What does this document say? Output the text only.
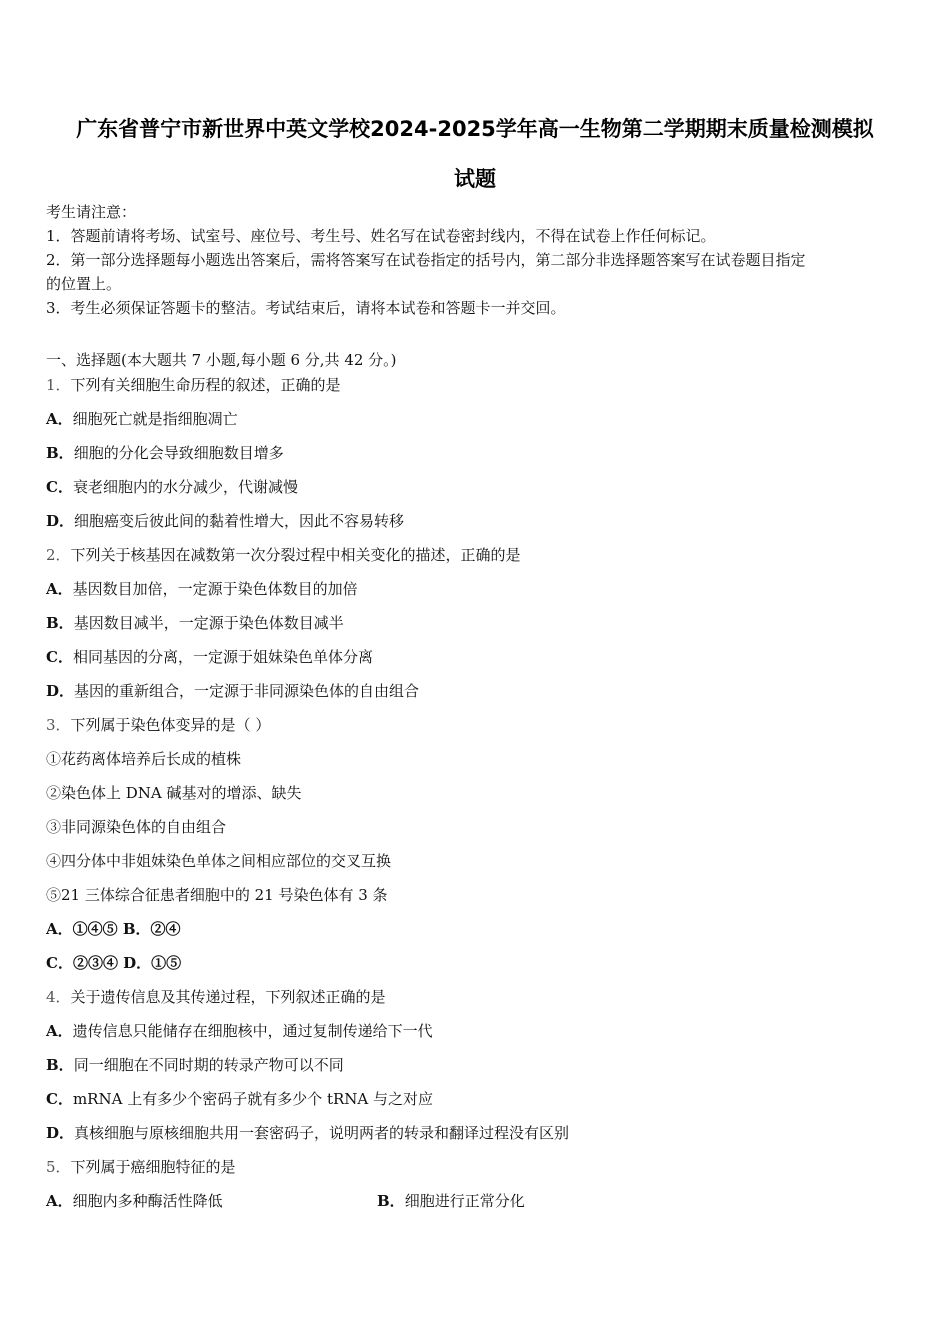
广东省普宁市新世界中英文学校2024-2025学年高一生物第二学期期末质量检测模拟
试题
考生请注意：
1．答题前请将考场、试室号、座位号、考生号、姓名写在试卷密封线内，不得在试卷上作任何标记。
2．第一部分选择题每小题选出答案后，需将答案写在试卷指定的括号内，第二部分非选择题答案写在试卷题目指定
的位置上。
3．考生必须保证答题卡的整洁。考试结束后，请将本试卷和答题卡一并交回。
一、选择题(本大题共 7 小题,每小题 6 分,共 42 分。)
1．下列有关细胞生命历程的叙述，正确的是
A．细胞死亡就是指细胞凋亡
B．细胞的分化会导致细胞数目增多
C．衰老细胞内的水分减少，代谢减慢
D．细胞癌变后彼此间的黏着性增大，因此不容易转移
2．下列关于核基因在减数第一次分裂过程中相关变化的描述，正确的是
A．基因数目加倍，一定源于染色体数目的加倍
B．基因数目减半，一定源于染色体数目减半
C．相同基因的分离，一定源于姐妹染色单体分离
D．基因的重新组合，一定源于非同源染色体的自由组合
3．下列属于染色体变异的是（ ）
①花药离体培养后长成的植株
②染色体上 DNA 碱基对的增添、缺失
③非同源染色体的自由组合
④四分体中非姐妹染色单体之间相应部位的交叉互换
⑤21 三体综合征患者细胞中的 21 号染色体有 3 条
A．①④⑤ B．②④
C．②③④ D．①⑤
4．关于遗传信息及其传递过程，下列叙述正确的是
A．遗传信息只能储存在细胞核中，通过复制传递给下一代
B．同一细胞在不同时期的转录产物可以不同
C．mRNA 上有多少个密码子就有多少个 tRNA 与之对应
D．真核细胞与原核细胞共用一套密码子，说明两者的转录和翻译过程没有区别
5．下列属于癌细胞特征的是
A．细胞内多种酶活性降低	B．细胞进行正常分化
